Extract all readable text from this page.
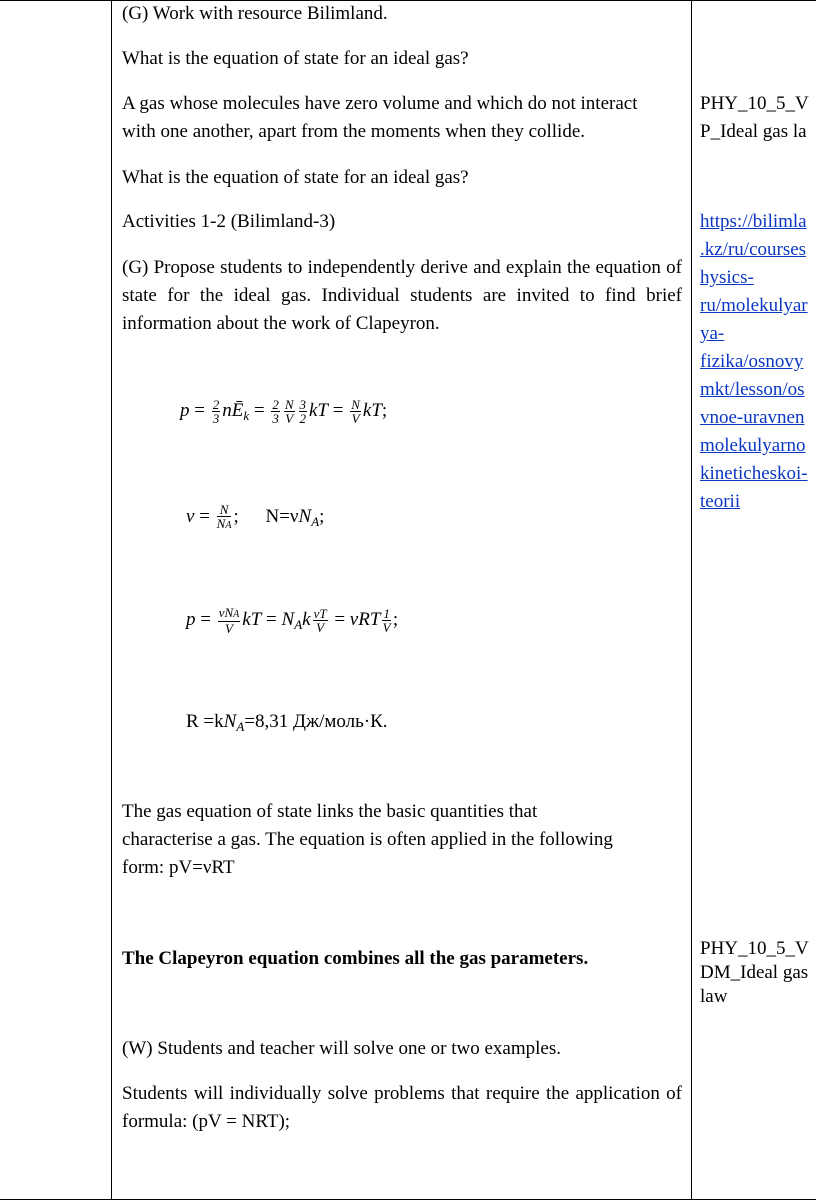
(G) Work with resource Bilimland.

What is the equation of state for an ideal gas?

A gas whose molecules have zero volume and which do not interact

with one another, apart from the moments when they collide.

What is the equation of state for an ideal gas?

Activities 1-2 (Bilimland-3)

(G) Propose students to independently derive and explain the equation of state for the ideal gas. Individual students are invited to find brief information about the work of Clapeyron.

$p = \frac{2}{3}$ $nĒ_k = \frac{2}{3} \frac{N}{V} \frac{3}{2}$ kT = $\frac{N}{V}$ kT;
$\nu = \frac{N}{NA}$ ; $N=\nu N_A$;
$p = \frac{\text{νNA}}{V}$ kT = $N_Ak \frac{\nu T}{V} = \nu RT \frac{1}{V}$ ;
$R =kN_A=8,31$ Дж/моль·К.

The gas equation of state links the basic quantities that

characterise a gas. The equation is often applied in the following

form: pV=νRT

The Clapeyron equation combines all the gas parameters.

(W) Students and teacher will solve one or two examples.

Students will individually solve problems that require the application of formula: (pV = NRT);

PHY_10_5_V
P_Ideal gas la
https://bilimla
.kz/ru/courses
hysics-
ru/molekulyar
ya-
fizika/osnovy
mkt/lesson/os
vnoe-uravnen
molekulyarno
kineticheskoi-
teorii
PHY_10_5_V
DM_Ideal gas
law
